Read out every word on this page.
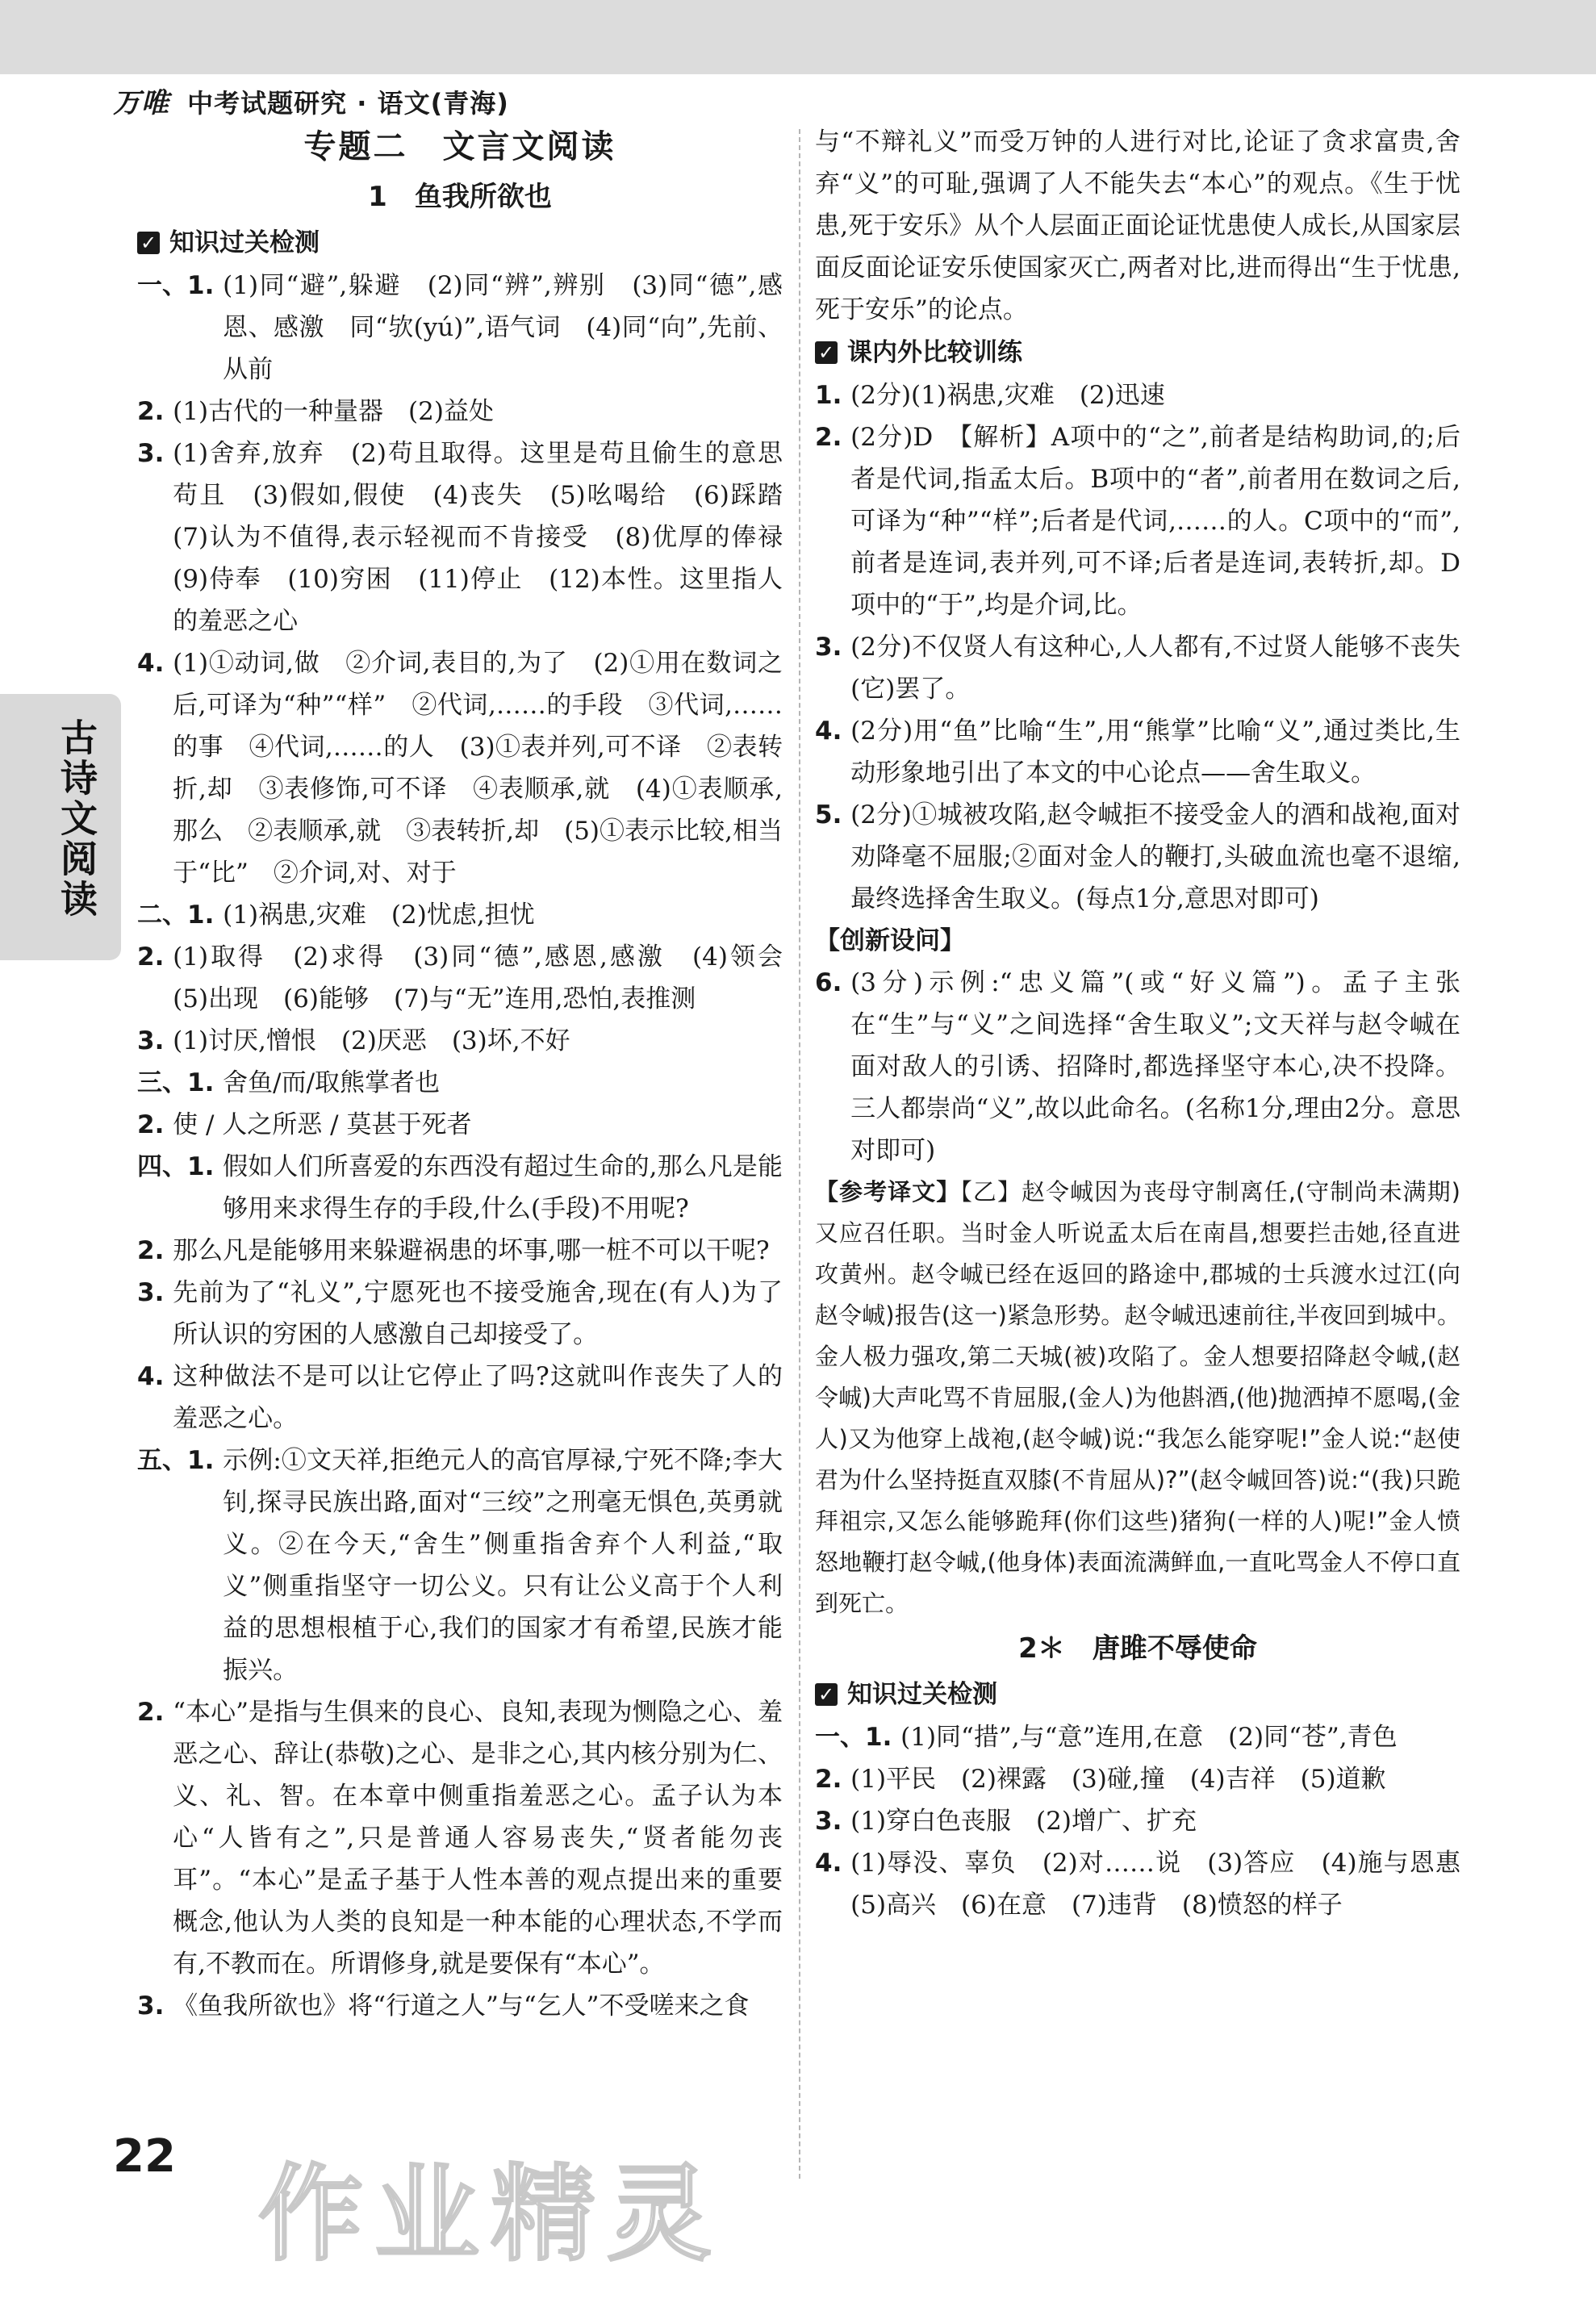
万唯 中考试题研究 · 语文(青海)
古诗文阅读
专题二　文言文阅读
1　鱼我所欲也
✓ 知识过关检测
一、1. (1)同“避”,躲避　(2)同“辨”,辨别　(3)同“德”,感恩、感激　同“欤(yú)”,语气词　(4)同“向”,先前、从前
2. (1)古代的一种量器　(2)益处
3. (1)舍弃,放弃　(2)苟且取得。这里是苟且偷生的意思　苟且　(3)假如,假使　(4)丧失　(5)吆喝给　(6)踩踏　(7)认为不值得,表示轻视而不肯接受　(8)优厚的俸禄　(9)侍奉　(10)穷困　(11)停止　(12)本性。这里指人的羞恶之心
4. (1)①动词,做　②介词,表目的,为了　(2)①用在数词之后,可译为“种”“样”　②代词,……的手段　③代词,……的事　④代词,……的人　(3)①表并列,可不译　②表转折,却　③表修饰,可不译　④表顺承,就　(4)①表顺承,那么　②表顺承,就　③表转折,却　(5)①表示比较,相当于“比”　②介词,对、对于
二、1. (1)祸患,灾难　(2)忧虑,担忧
2. (1)取得　(2)求得　(3)同“德”,感恩,感激　(4)领会　(5)出现　(6)能够　(7)与“无”连用,恐怕,表推测
3. (1)讨厌,憎恨　(2)厌恶　(3)坏,不好
三、1. 舍鱼/而/取熊掌者也
2. 使 / 人之所恶 / 莫甚于死者
四、1. 假如人们所喜爱的东西没有超过生命的,那么凡是能够用来求得生存的手段,什么(手段)不用呢?
2. 那么凡是能够用来躲避祸患的坏事,哪一桩不可以干呢?
3. 先前为了“礼义”,宁愿死也不接受施舍,现在(有人)为了所认识的穷困的人感激自己却接受了。
4. 这种做法不是可以让它停止了吗?这就叫作丧失了人的羞恶之心。
五、1. 示例:①文天祥,拒绝元人的高官厚禄,宁死不降;李大钊,探寻民族出路,面对“三绞”之刑毫无惧色,英勇就义。②在今天,“舍生”侧重指舍弃个人利益,“取义”侧重指坚守一切公义。只有让公义高于个人利益的思想根植于心,我们的国家才有希望,民族才能振兴。
2. “本心”是指与生俱来的良心、良知,表现为恻隐之心、羞恶之心、辞让(恭敬)之心、是非之心,其内核分别为仁、义、礼、智。在本章中侧重指羞恶之心。孟子认为本心“人皆有之”,只是普通人容易丧失,“贤者能勿丧耳”。“本心”是孟子基于人性本善的观点提出来的重要概念,他认为人类的良知是一种本能的心理状态,不学而有,不教而在。所谓修身,就是要保有“本心”。
3. 《鱼我所欲也》将“行道之人”与“乞人”不受嗟来之食

与“不辩礼义”而受万钟的人进行对比,论证了贪求富贵,舍弃“义”的可耻,强调了人不能失去“本心”的观点。《生于忧患,死于安乐》从个人层面正面论证忧患使人成长,从国家层面反面论证安乐使国家灭亡,两者对比,进而得出“生于忧患,死于安乐”的论点。

✓ 课内外比较训练
1. (2分)(1)祸患,灾难　(2)迅速
2. (2分)D　【解析】A项中的“之”,前者是结构助词,的;后者是代词,指孟太后。B项中的“者”,前者用在数词之后,可译为“种”“样”;后者是代词,……的人。C项中的“而”,前者是连词,表并列,可不译;后者是连词,表转折,却。D项中的“于”,均是介词,比。
3. (2分)不仅贤人有这种心,人人都有,不过贤人能够不丧失(它)罢了。
4. (2分)用“鱼”比喻“生”,用“熊掌”比喻“义”,通过类比,生动形象地引出了本文的中心论点——舍生取义。
5. (2分)①城被攻陷,赵令峸拒不接受金人的酒和战袍,面对劝降毫不屈服;②面对金人的鞭打,头破血流也毫不退缩,最终选择舍生取义。(每点1分,意思对即可)
【创新设问】
6. (3分)示例:“忠义篇”(或“好义篇”)。孟子主张在“生”与“义”之间选择“舍生取义”;文天祥与赵令峸在面对敌人的引诱、招降时,都选择坚守本心,决不投降。三人都崇尚“义”,故以此命名。(名称1分,理由2分。意思对即可)

【参考译文】【乙】赵令峸因为丧母守制离任,(守制尚未满期)又应召任职。当时金人听说孟太后在南昌,想要拦击她,径直进攻黄州。赵令峸已经在返回的路途中,郡城的士兵渡水过江(向赵令峸)报告(这一)紧急形势。赵令峸迅速前往,半夜回到城中。金人极力强攻,第二天城(被)攻陷了。金人想要招降赵令峸,(赵令峸)大声叱骂不肯屈服,(金人)为他斟酒,(他)抛洒掉不愿喝,(金人)又为他穿上战袍,(赵令峸)说:“我怎么能穿呢!”金人说:“赵使君为什么坚持挺直双膝(不肯屈从)?”(赵令峸回答)说:“(我)只跪拜祖宗,又怎么能够跪拜(你们这些)猪狗(一样的人)呢!”金人愤怒地鞭打赵令峸,(他身体)表面流满鲜血,一直叱骂金人不停口直到死亡。

2＊　唐雎不辱使命
✓ 知识过关检测
一、1. (1)同“措”,与“意”连用,在意　(2)同“苍”,青色
2. (1)平民　(2)裸露　(3)碰,撞　(4)吉祥　(5)道歉
3. (1)穿白色丧服　(2)增广、扩充
4. (1)辱没、辜负　(2)对……说　(3)答应　(4)施与恩惠　(5)高兴　(6)在意　(7)违背　(8)愤怒的样子
22 作业精灵
